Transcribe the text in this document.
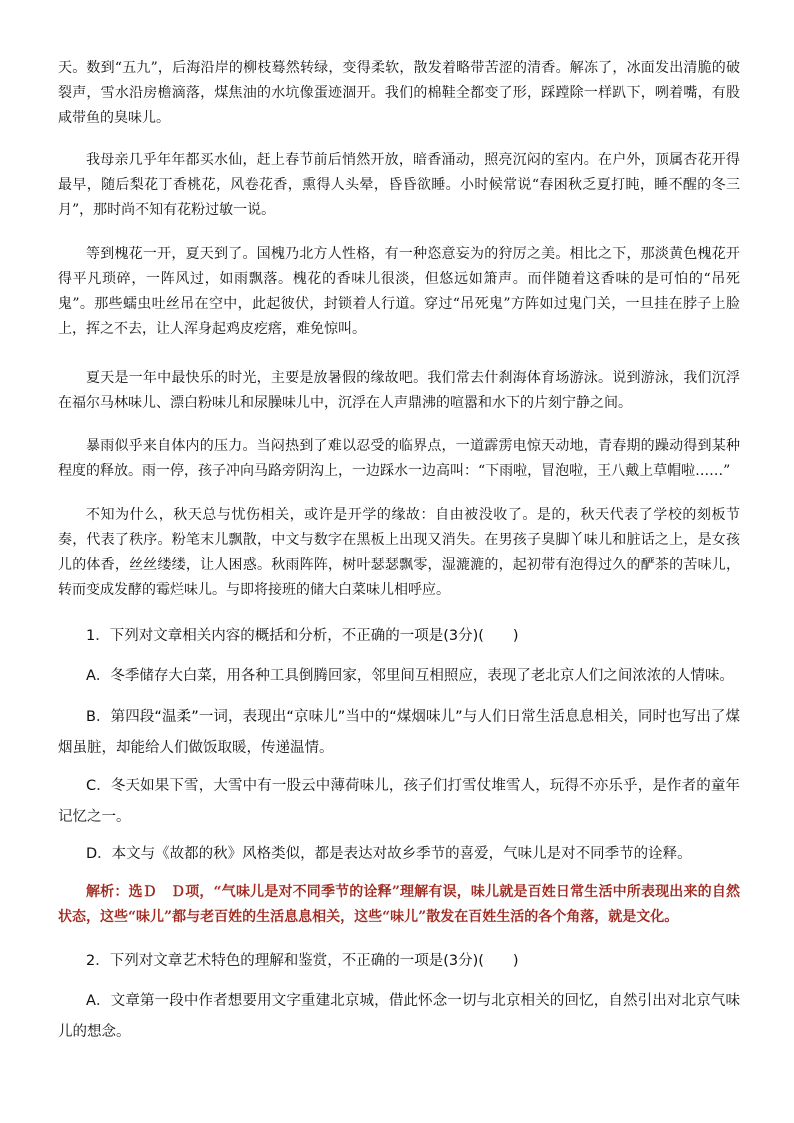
天。数到“五九”，后海沿岸的柳枝蓦然转绿，变得柔软，散发着略带苦涩的清香。解冻了，冰面发出清脆的破裂声，雪水沿房檐滴落，煤焦油的水坑像蛋迹涸开。我们的棉鞋全都变了形，踩蹚除一样趴下，咧着嘴，有股咸带鱼的臭味儿。

我母亲几乎年年都买水仙，赶上春节前后悄然开放，暗香涌动，照亮沉闷的室内。在户外，顶属杏花开得最早，随后梨花丁香桃花，风卷花香，熏得人头晕，昏昏欲睡。小时候常说“春困秋乏夏打盹，睡不醒的冬三月”，那时尚不知有花粉过敏一说。

等到槐花一开，夏天到了。国槐乃北方人性格，有一种恣意妄为的狩厉之美。相比之下，那淡黄色槐花开得平凡琐碎，一阵风过，如雨飘落。槐花的香味儿很淡，但悠远如箫声。而伴随着这香味的是可怕的“吊死鬼”。那些蠕虫吐丝吊在空中，此起彼伏，封锁着人行道。穿过“吊死鬼”方阵如过鬼门关，一旦挂在脖子上脸上，挥之不去，让人浑身起鸡皮疙瘩，难免惊叫。

夏天是一年中最快乐的时光，主要是放暑假的缘故吧。我们常去什刹海体育场游泳。说到游泳，我们沉浮在福尔马林味儿、漂白粉味儿和尿臊味儿中，沉浮在人声鼎沸的喧嚣和水下的片刻宁静之间。

暴雨似乎来自体内的压力。当闷热到了难以忍受的临界点，一道霹雳电惊天动地，青春期的躁动得到某种程度的释放。雨一停，孩子冲向马路旁阴沟上，一边踩水一边高叫：“下雨啦，冒泡啦，王八戴上草帽啦……”

不知为什么，秋天总与忧伤相关，或许是开学的缘故：自由被没收了。是的，秋天代表了学校的刻板节奏，代表了秩序。粉笔末儿飘散，中文与数字在黑板上出现又消失。在男孩子臭脚丫味儿和脏话之上，是女孩儿的体香，丝丝缕缕，让人困惑。秋雨阵阵，树叶瑟瑟飘零，湿漉漉的，起初带有泡得过久的酽茶的苦味儿，转而变成发酵的霉烂味儿。与即将接班的储大白菜味儿相呼应。

1．下列对文章相关内容的概括和分析，不正确的一项是(3分)(　　)

A．冬季储存大白菜，用各种工具倒腾回家，邻里间互相照应，表现了老北京人们之间浓浓的人情味。

B．第四段“温柔”一词，表现出“京味儿”当中的“煤烟味儿”与人们日常生活息息相关，同时也写出了煤烟虽脏，却能给人们做饭取暖，传递温情。

C．冬天如果下雪，大雪中有一股云中薄荷味儿，孩子们打雪仗堆雪人，玩得不亦乐乎，是作者的童年记忆之一。

D．本文与《故都的秋》风格类似，都是表达对故乡季节的喜爱，气味儿是对不同季节的诠释。

解析：选Ｄ　Ｄ项，“气味儿是对不同季节的诠释”理解有误，味儿就是百姓日常生活中所表现出来的自然状态，这些“味儿”都与老百姓的生活息息相关，这些“味儿”散发在百姓生活的各个角落，就是文化。

2．下列对文章艺术特色的理解和鉴赏，不正确的一项是(3分)(　　)

A．文章第一段中作者想要用文字重建北京城，借此怀念一切与北京相关的回忆，自然引出对北京气味儿的想念。
